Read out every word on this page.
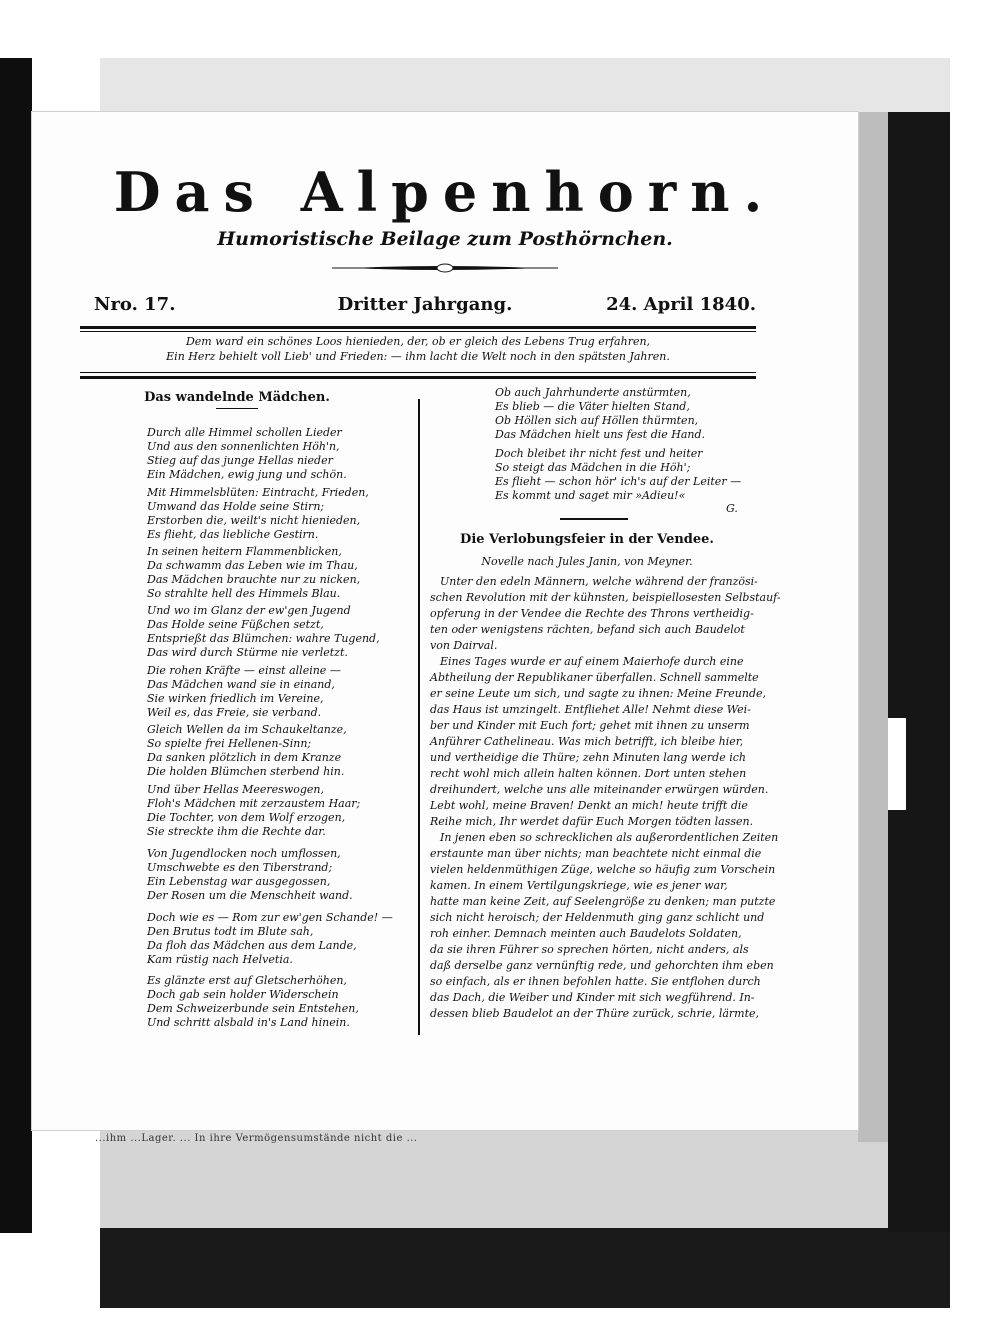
...ihm ...Lager. ... In ihre Vermögensumstände nicht die ...
Das Alpenhorn.
Humoristische Beilage zum Posthörnchen.
Dritter Jahrgang.
Nro. 17.	24. April 1840.
Dem ward ein schönes Loos hienieden, der, ob er gleich des Lebens Trug erfahren,
Ein Herz behielt voll Lieb' und Frieden: — ihm lacht die Welt noch in den spätsten Jahren.
Das wandelnde Mädchen.
Durch alle Himmel schollen Lieder
Und aus den sonnenlichten Höh'n,
Stieg auf das junge Hellas nieder
Ein Mädchen, ewig jung und schön.
Mit Himmelsblüten: Eintracht, Frieden,
Umwand das Holde seine Stirn;
Erstorben die, weilt's nicht hienieden,
Es flieht, das liebliche Gestirn.
In seinen heitern Flammenblicken,
Da schwamm das Leben wie im Thau,
Das Mädchen brauchte nur zu nicken,
So strahlte hell des Himmels Blau.
Und wo im Glanz der ew'gen Jugend
Das Holde seine Füßchen setzt,
Entsprießt das Blümchen: wahre Tugend,
Das wird durch Stürme nie verletzt.
Die rohen Kräfte — einst alleine —
Das Mädchen wand sie in einand,
Sie wirken friedlich im Vereine,
Weil es, das Freie, sie verband.
Gleich Wellen da im Schaukeltanze,
So spielte frei Hellenen-Sinn;
Da sanken plötzlich in dem Kranze
Die holden Blümchen sterbend hin.
Und über Hellas Meereswogen,
Floh's Mädchen mit zerzaustem Haar;
Die Tochter, von dem Wolf erzogen,
Sie streckte ihm die Rechte dar.
Von Jugendlocken noch umflossen,
Umschwebte es den Tiberstrand;
Ein Lebenstag war ausgegossen,
Der Rosen um die Menschheit wand.
Doch wie es — Rom zur ew'gen Schande! —
Den Brutus todt im Blute sah,
Da floh das Mädchen aus dem Lande,
Kam rüstig nach Helvetia.
Es glänzte erst auf Gletscherhöhen,
Doch gab sein holder Widerschein
Dem Schweizerbunde sein Entstehen,
Und schritt alsbald in's Land hinein.
Ob auch Jahrhunderte anstürmten,
Es blieb — die Väter hielten Stand,
Ob Höllen sich auf Höllen thürmten,
Das Mädchen hielt uns fest die Hand.
Doch bleibet ihr nicht fest und heiter
So steigt das Mädchen in die Höh';
Es flieht — schon hör' ich's auf der Leiter —
Es kommt und saget mir »Adieu!«
G.
Die Verlobungsfeier in der Vendee.
Novelle nach Jules Janin, von Meyner.
Unter den edeln Männern, welche während der französi-
schen Revolution mit der kühnsten, beispiellosesten Selbstauf-
opferung in der Vendee die Rechte des Throns vertheidig-
ten oder wenigstens rächten, befand sich auch Baudelot
von Dairval.
Eines Tages wurde er auf einem Maierhofe durch eine
Abtheilung der Republikaner überfallen. Schnell sammelte
er seine Leute um sich, und sagte zu ihnen: Meine Freunde,
das Haus ist umzingelt. Entfliehet Alle! Nehmt diese Wei-
ber und Kinder mit Euch fort; gehet mit ihnen zu unserm
Anführer Cathelineau. Was mich betrifft, ich bleibe hier,
und vertheidige die Thüre; zehn Minuten lang werde ich
recht wohl mich allein halten können. Dort unten stehen
dreihundert, welche uns alle miteinander erwürgen würden.
Lebt wohl, meine Braven! Denkt an mich! heute trifft die
Reihe mich, Ihr werdet dafür Euch Morgen tödten lassen.
In jenen eben so schrecklichen als außerordentlichen Zeiten
erstaunte man über nichts; man beachtete nicht einmal die
vielen heldenmüthigen Züge, welche so häufig zum Vorschein
kamen. In einem Vertilgungskriege, wie es jener war,
hatte man keine Zeit, auf Seelengröße zu denken; man putzte
sich nicht heroisch; der Heldenmuth ging ganz schlicht und
roh einher. Demnach meinten auch Baudelots Soldaten,
da sie ihren Führer so sprechen hörten, nicht anders, als
daß derselbe ganz vernünftig rede, und gehorchten ihm eben
so einfach, als er ihnen befohlen hatte. Sie entflohen durch
das Dach, die Weiber und Kinder mit sich wegführend. In-
dessen blieb Baudelot an der Thüre zurück, schrie, lärmte,
